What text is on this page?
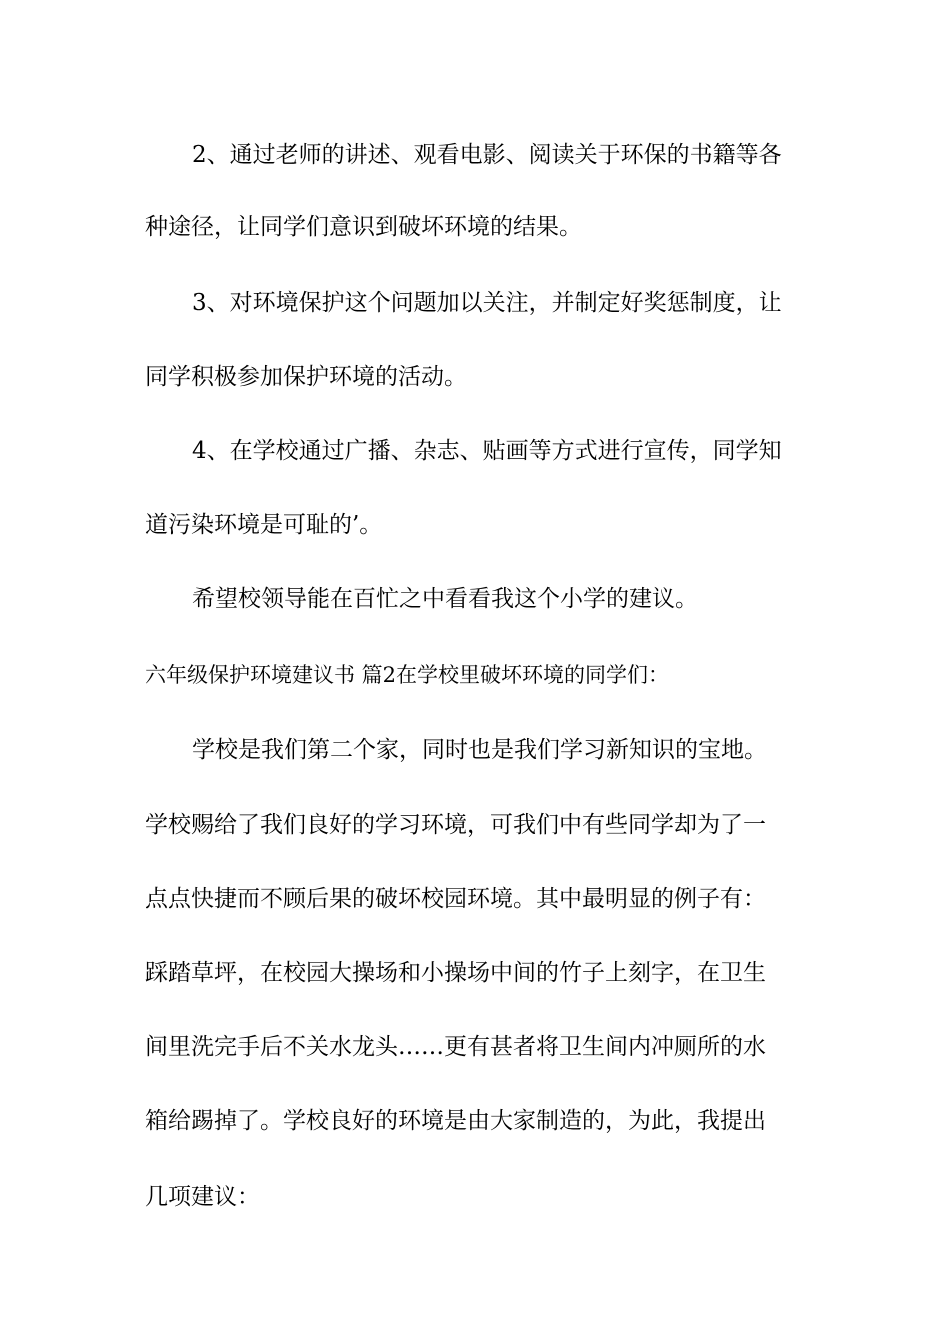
2、通过老师的讲述、观看电影、阅读关于环保的书籍等各
种途径，让同学们意识到破坏环境的结果。
3、对环境保护这个问题加以关注，并制定好奖惩制度，让
同学积极参加保护环境的活动。
4、在学校通过广播、杂志、贴画等方式进行宣传，同学知
道污染环境是可耻的’。
希望校领导能在百忙之中看看我这个小学的建议。
六年级保护环境建议书 篇2在学校里破坏环境的同学们：
学校是我们第二个家，同时也是我们学习新知识的宝地。
学校赐给了我们良好的学习环境，可我们中有些同学却为了一
点点快捷而不顾后果的破坏校园环境。其中最明显的例子有：
踩踏草坪，在校园大操场和小操场中间的竹子上刻字，在卫生
间里洗完手后不关水龙头……更有甚者将卫生间内冲厕所的水
箱给踢掉了。学校良好的环境是由大家制造的，为此，我提出
几项建议：
